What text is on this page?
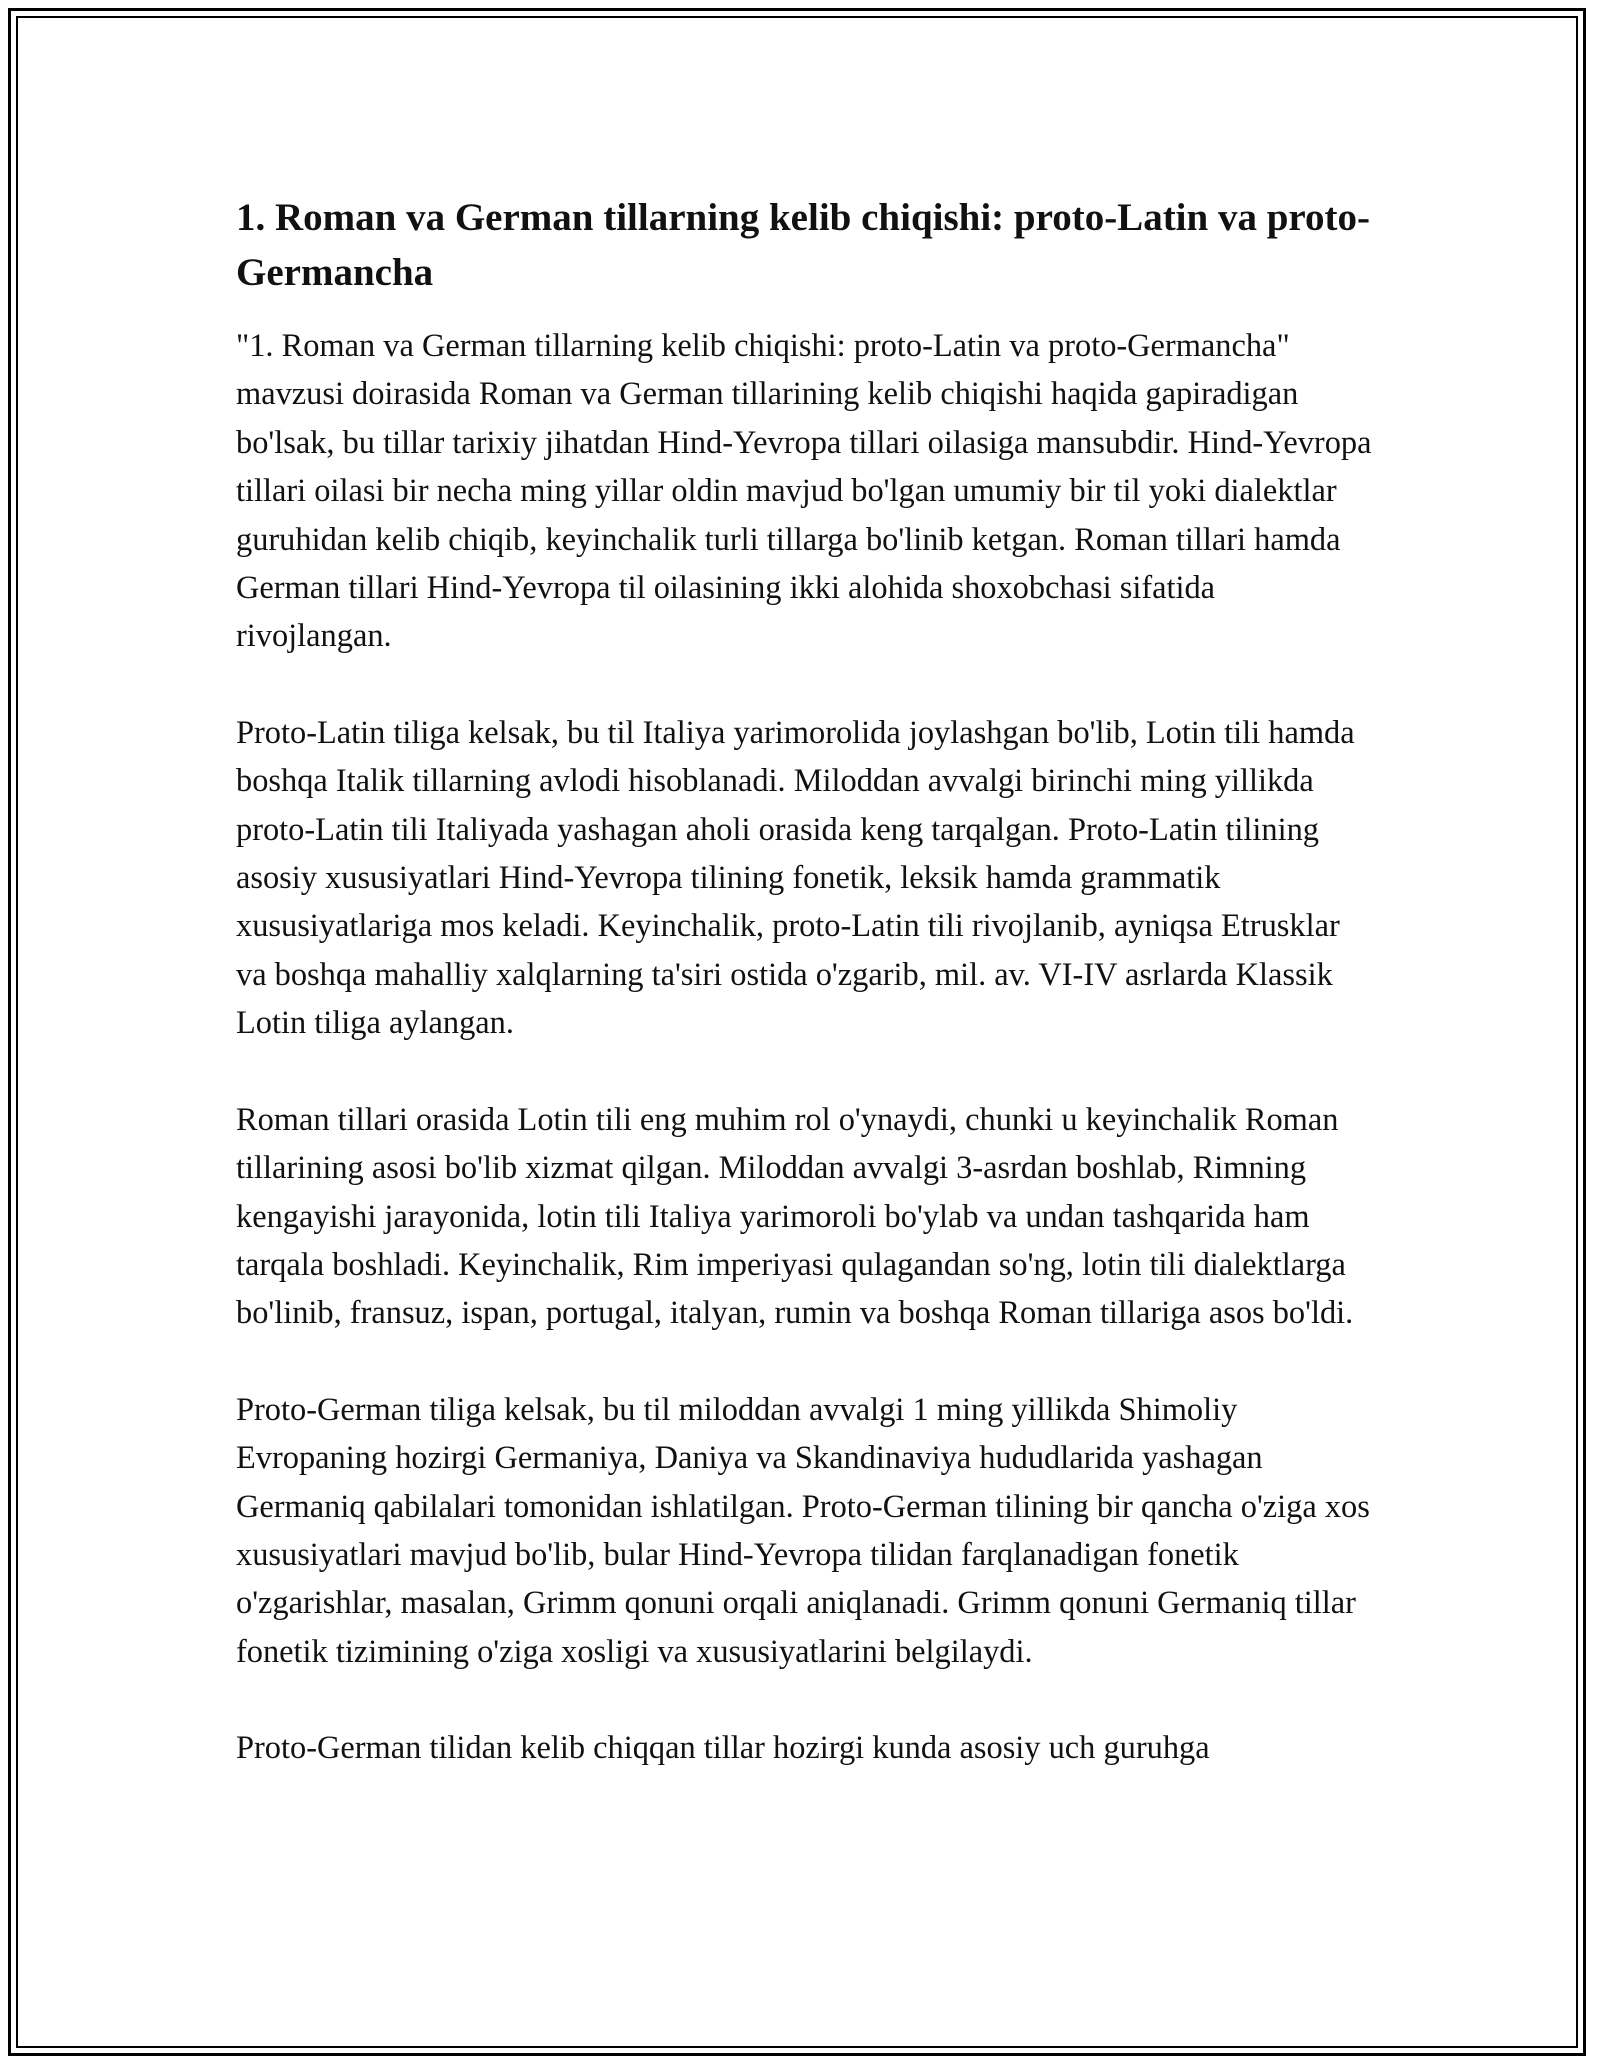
1. Roman va German tillarning kelib chiqishi: proto-Latin va proto-Germancha

"1. Roman va German tillarning kelib chiqishi: proto-Latin va proto-Germancha" mavzusi doirasida Roman va German tillarining kelib chiqishi haqida gapiradigan bo'lsak, bu tillar tarixiy jihatdan Hind-Yevropa tillari oilasiga mansubdir. Hind-Yevropa tillari oilasi bir necha ming yillar oldin mavjud bo'lgan umumiy bir til yoki dialektlar guruhidan kelib chiqib, keyinchalik turli tillarga bo'linib ketgan. Roman tillari hamda German tillari Hind-Yevropa til oilasining ikki alohida shoxobchasi sifatida rivojlangan.

Proto-Latin tiliga kelsak, bu til Italiya yarimorolida joylashgan bo'lib, Lotin tili hamda boshqa Italik tillarning avlodi hisoblanadi. Miloddan avvalgi birinchi ming yillikda proto-Latin tili Italiyada yashagan aholi orasida keng tarqalgan. Proto-Latin tilining asosiy xususiyatlari Hind-Yevropa tilining fonetik, leksik hamda grammatik xususiyatlariga mos keladi. Keyinchalik, proto-Latin tili rivojlanib, ayniqsa Etrusklar va boshqa mahalliy xalqlarning ta'siri ostida o'zgarib, mil. av. VI-IV asrlarda Klassik Lotin tiliga aylangan.

Roman tillari orasida Lotin tili eng muhim rol o'ynaydi, chunki u keyinchalik Roman tillarining asosi bo'lib xizmat qilgan. Miloddan avvalgi 3-asrdan boshlab, Rimning kengayishi jarayonida, lotin tili Italiya yarimoroli bo'ylab va undan tashqarida ham tarqala boshladi. Keyinchalik, Rim imperiyasi qulagandan so'ng, lotin tili dialektlarga bo'linib, fransuz, ispan, portugal, italyan, rumin va boshqa Roman tillariga asos bo'ldi.

Proto-German tiliga kelsak, bu til miloddan avvalgi 1 ming yillikda Shimoliy Evropaning hozirgi Germaniya, Daniya va Skandinaviya hududlarida yashagan Germaniq qabilalari tomonidan ishlatilgan. Proto-German tilining bir qancha o'ziga xos xususiyatlari mavjud bo'lib, bular Hind-Yevropa tilidan farqlanadigan fonetik o'zgarishlar, masalan, Grimm qonuni orqali aniqlanadi. Grimm qonuni Germaniq tillar fonetik tizimining o'ziga xosligi va xususiyatlarini belgilaydi.

Proto-German tilidan kelib chiqqan tillar hozirgi kunda asosiy uch guruhga
